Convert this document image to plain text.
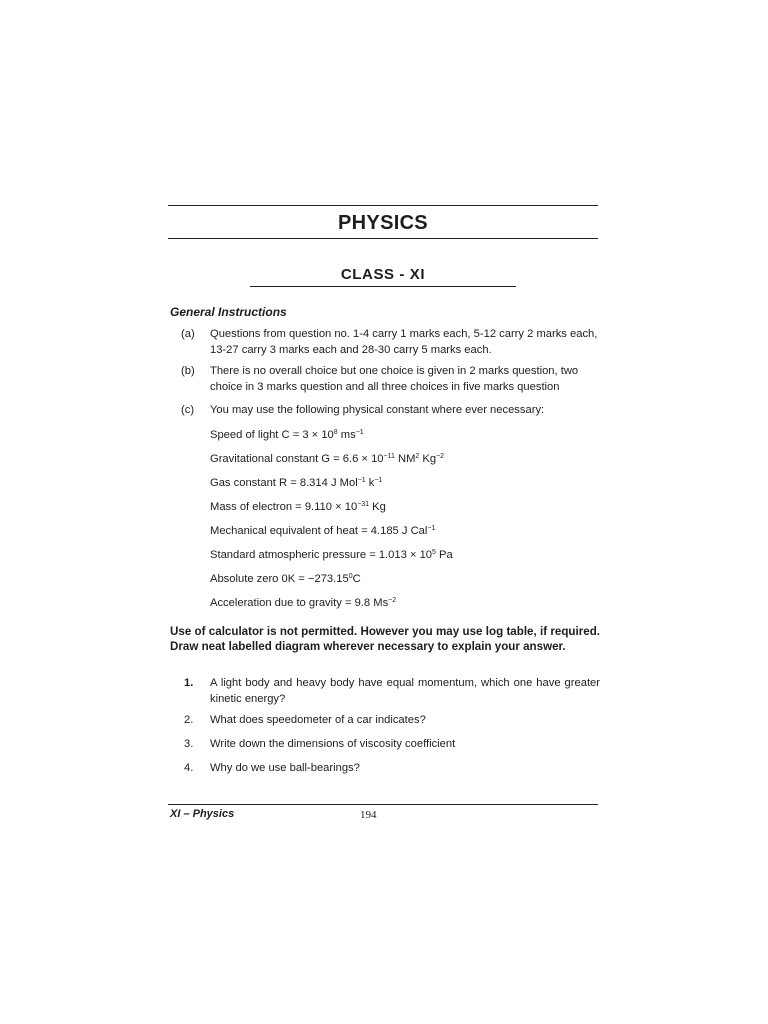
PHYSICS
CLASS - XI
General Instructions
(a) Questions from question no. 1-4 carry 1 marks each, 5-12 carry 2 marks each, 13-27 carry 3 marks each and 28-30 carry 5 marks each.
(b) There is no overall choice but one choice is given in 2 marks question, two choice in 3 marks question and all three choices in five marks question
(c) You may use the following physical constant where ever necessary:
Speed of light $C = 3 \times 10^8$ $ms^{-1}$
Gravitational constant $G = 6.6 \times 10^{-11}$ $NM^2$ $Kg^{-2}$
Gas constant R = 8.314 J Mol$^{-1}$ $k^{-1}$
Mass of electron = $9.110 \times 10^{-31}$ Kg
Mechanical equivalent of heat = 4.185 J Cal$^{-1}$
Standard atmospheric pressure = $1.013 \times 10^5$ Pa
Absolute zero $0K = -273.15^0C$
Acceleration due to gravity = 9.8 $Ms^{-2}$
Use of calculator is not permitted. However you may use log table, if required. Draw neat labelled diagram wherever necessary to explain your answer.
1. A light body and heavy body have equal momentum, which one have greater kinetic energy?
2. What does speedometer of a car indicates?
3. Write down the dimensions of viscosity coefficient
4. Why do we use ball-bearings?
XI – Physics	194
